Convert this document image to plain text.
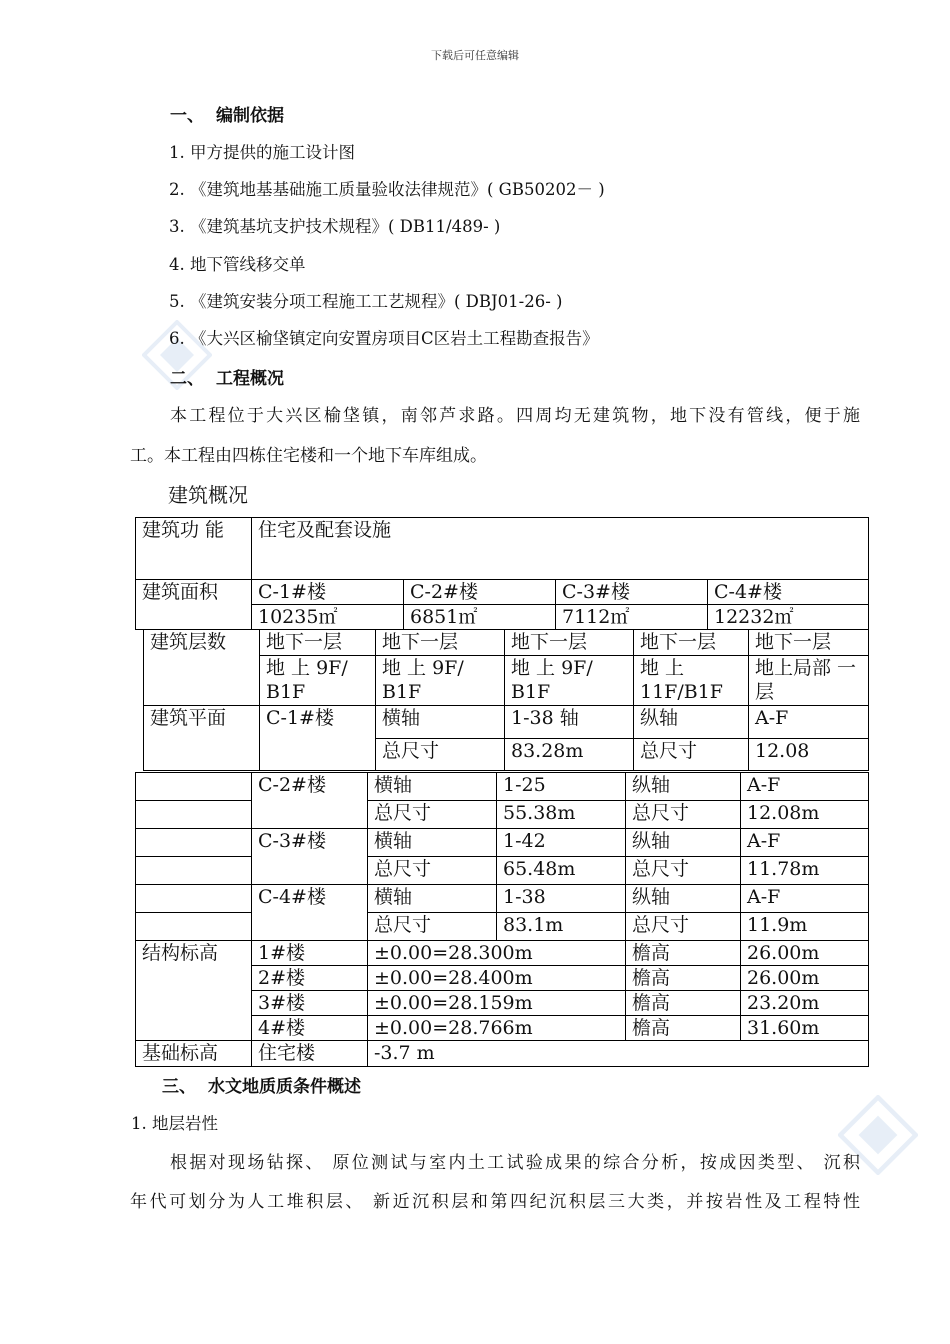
下载后可任意编辑
一、 编制依据
1. 甲方提供的施工设计图
2. 《建筑地基基础施工质量验收法律规范》( GB50202－ )
3. 《建筑基坑支护技术规程》( DB11/489- )
4. 地下管线移交单
5. 《建筑安装分项工程施工工艺规程》( DBJ01-26- )
6. 《大兴区榆垡镇定向安置房项目C区岩土工程勘查报告》
二、 工程概况
本工程位于大兴区榆垡镇，南邻芦求路。四周均无建筑物，地下没有管线，便于施
工。本工程由四栋住宅楼和一个地下车库组成。
建筑概况
建筑功 能	住宅及配套设施			
建筑面积	C-1#楼	C-2#楼	C-3#楼	C-4#楼
	10235㎡	6851㎡	7112㎡	12232㎡
建筑层数	地下一层	地下一层	地下一层	地下一层	地下一层
	地 上 9F/ B1F	地 上 9F/ B1F	地 上 9F/ B1F	地 上 11F/B1F	地上局部 一层
建筑平面	C-1#楼	横轴	1-38 轴	纵轴	A-F
		总尺寸	83.28m	总尺寸	12.08
	C-2#楼	横轴	1-25	纵轴	A-F
		总尺寸	55.38m	总尺寸	12.08m
	C-3#楼	横轴	1-42	纵轴	A-F
		总尺寸	65.48m	总尺寸	11.78m
	C-4#楼	横轴	1-38	纵轴	A-F
		总尺寸	83.1m	总尺寸	11.9m
结构标高	1#楼	±0.00=28.300m		檐高	26.00m
	2#楼	±0.00=28.400m		檐高	26.00m
	3#楼	±0.00=28.159m		檐高	23.20m
	4#楼	±0.00=28.766m		檐高	31.60m
基础标高	住宅楼	-3.7 m			
三、 水文地质质条件概述
1. 地层岩性
根据对现场钻探、 原位测试与室内土工试验成果的综合分析，按成因类型、 沉积
年代可划分为人工堆积层、 新近沉积层和第四纪沉积层三大类，并按岩性及工程特性
